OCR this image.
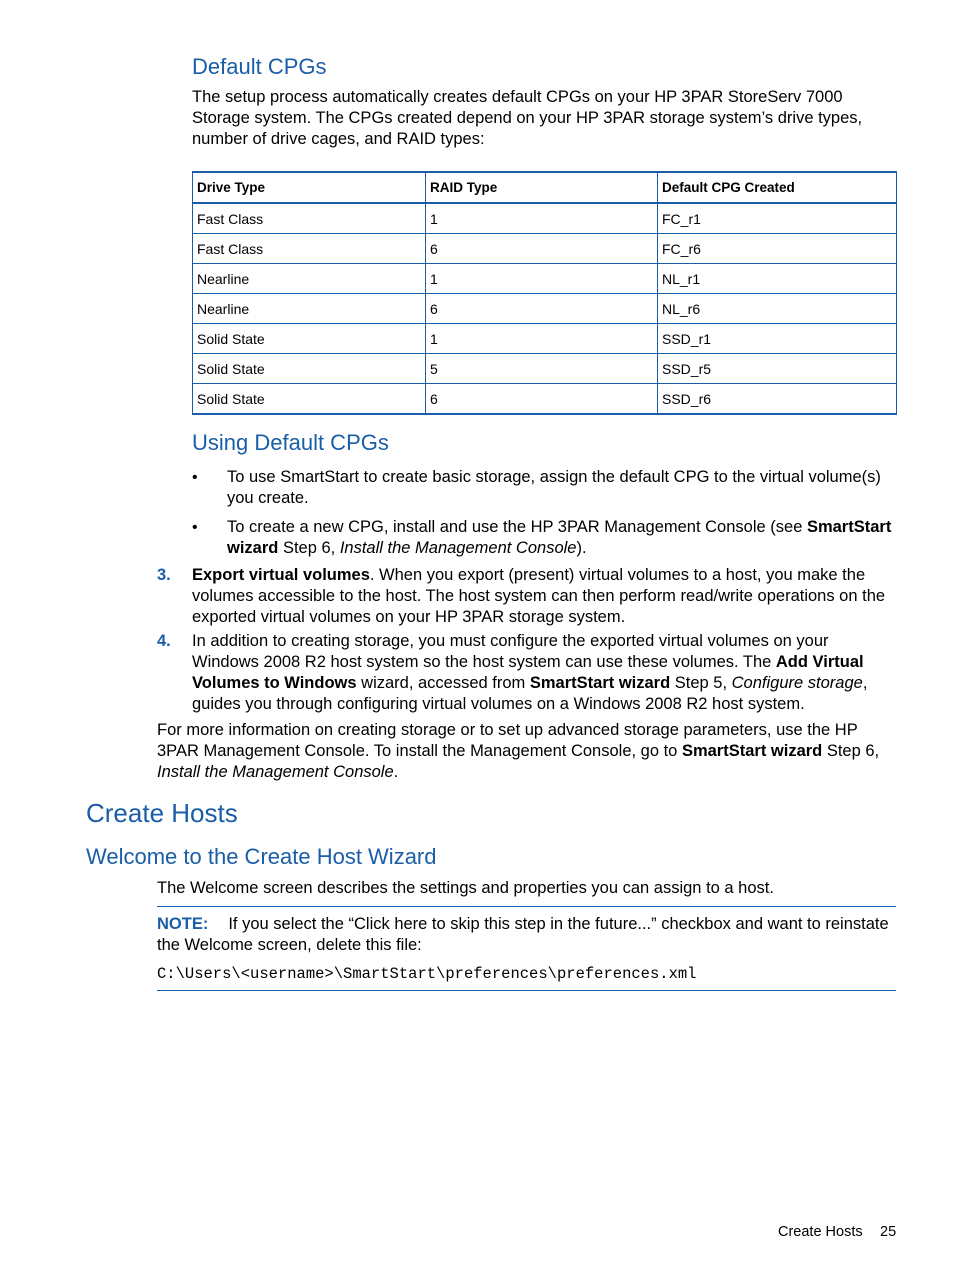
Default CPGs

The setup process automatically creates default CPGs on your HP 3PAR StoreServ 7000 Storage system. The CPGs created depend on your HP 3PAR storage system’s drive types, number of drive cages, and RAID types:

Drive Type	RAID Type	Default CPG Created
Fast Class	1	FC_r1
Fast Class	6	FC_r6
Nearline	1	NL_r1
Nearline	6	NL_r6
Solid State	1	SSD_r1
Solid State	5	SSD_r5
Solid State	6	SSD_r6
Using Default CPGs
• To use SmartStart to create basic storage, assign the default CPG to the virtual volume(s) you create.

• To create a new CPG, install and use the HP 3PAR Management Console (see SmartStart wizard Step 6, Install the Management Console).

3. Export virtual volumes. When you export (present) virtual volumes to a host, you make the volumes accessible to the host. The host system can then perform read/write operations on the exported virtual volumes on your HP 3PAR storage system.

4. In addition to creating storage, you must configure the exported virtual volumes on your Windows 2008 R2 host system so the host system can use these volumes. The Add Virtual Volumes to Windows wizard, accessed from SmartStart wizard Step 5, Configure storage, guides you through configuring virtual volumes on a Windows 2008 R2 host system.

For more information on creating storage or to set up advanced storage parameters, use the HP 3PAR Management Console. To install the Management Console, go to SmartStart wizard Step 6, Install the Management Console.

Create Hosts
Welcome to the Create Host Wizard

The Welcome screen describes the settings and properties you can assign to a host.

NOTE: If you select the “Click here to skip this step in the future...” checkbox and want to reinstate the Welcome screen, delete this file:

C:\Users\<username>\SmartStart\preferences\preferences.xml
Create Hosts 25
